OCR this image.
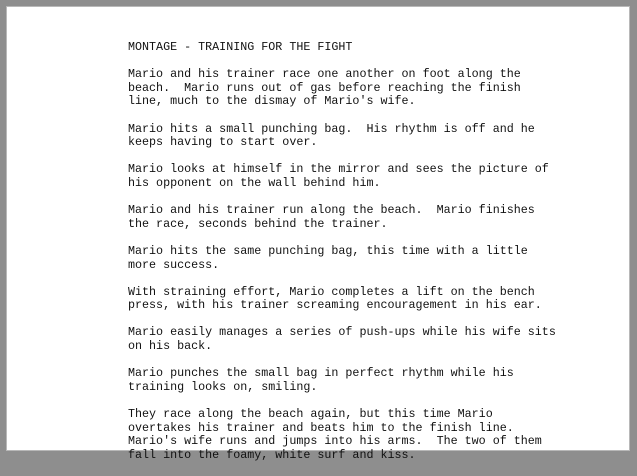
MONTAGE - TRAINING FOR THE FIGHT
Mario and his trainer race one another on foot along the
beach.  Mario runs out of gas before reaching the finish
line, much to the dismay of Mario's wife.
Mario hits a small punching bag.  His rhythm is off and he
keeps having to start over.
Mario looks at himself in the mirror and sees the picture of
his opponent on the wall behind him.
Mario and his trainer run along the beach.  Mario finishes
the race, seconds behind the trainer.
Mario hits the same punching bag, this time with a little
more success.
With straining effort, Mario completes a lift on the bench
press, with his trainer screaming encouragement in his ear.
Mario easily manages a series of push-ups while his wife sits
on his back.
Mario punches the small bag in perfect rhythm while his
training looks on, smiling.
They race along the beach again, but this time Mario
overtakes his trainer and beats him to the finish line.
Mario's wife runs and jumps into his arms.  The two of them
fall into the foamy, white surf and kiss.
